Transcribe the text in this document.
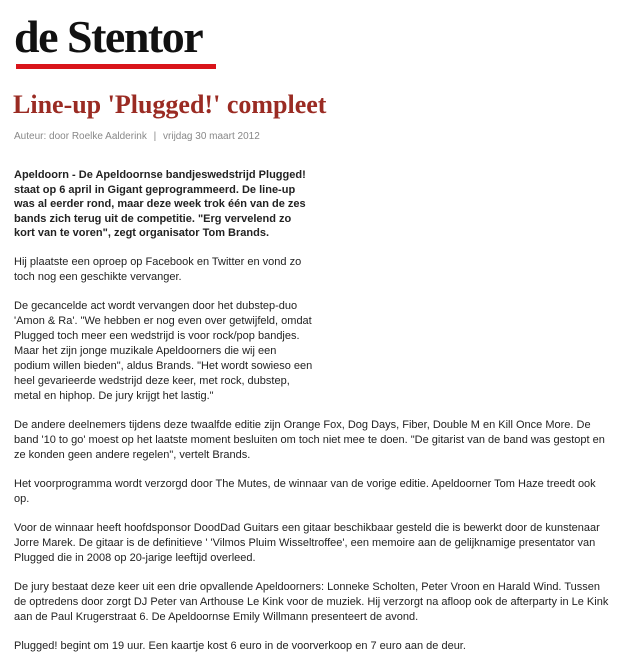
de Stentor
Line-up 'Plugged!' compleet
Auteur: door Roelke Aalderink | vrijdag 30 maart 2012

Apeldoorn - De Apeldoornse bandjeswedstrijd Plugged! staat op 6 april in Gigant geprogrammeerd. De line-up was al eerder rond, maar deze week trok één van de zes bands zich terug uit de competitie. "Erg vervelend zo kort van te voren", zegt organisator Tom Brands.

Hij plaatste een oproep op Facebook en Twitter en vond zo toch nog een geschikte vervanger.

De gecancelde act wordt vervangen door het dubstep-duo 'Amon & Ra'. "We hebben er nog even over getwijfeld, omdat Plugged toch meer een wedstrijd is voor rock/pop bandjes. Maar het zijn jonge muzikale Apeldoorners die wij een podium willen bieden", aldus Brands. "Het wordt sowieso een heel gevarieerde wedstrijd deze keer, met rock, dubstep, metal en hiphop. De jury krijgt het lastig."

De andere deelnemers tijdens deze twaalfde editie zijn Orange Fox, Dog Days, Fiber, Double M en Kill Once More. De band '10 to go' moest op het laatste moment besluiten om toch niet mee te doen. "De gitarist van de band was gestopt en ze konden geen andere regelen", vertelt Brands.

Het voorprogramma wordt verzorgd door The Mutes, de winnaar van de vorige editie. Apeldoorner Tom Haze treedt ook op.

Voor de winnaar heeft hoofdsponsor DoodDad Guitars een gitaar beschikbaar gesteld die is bewerkt door de kunstenaar Jorre Marek. De gitaar is de definitieve ' 'Vilmos Pluim Wisseltroffee', een memoire aan de gelijknamige presentator van Plugged die in 2008 op 20-jarige leeftijd overleed.

De jury bestaat deze keer uit een drie opvallende Apeldoorners: Lonneke Scholten, Peter Vroon en Harald Wind. Tussen de optredens door zorgt DJ Peter van Arthouse Le Kink voor de muziek. Hij verzorgt na afloop ook de afterparty in Le Kink aan de Paul Krugerstraat 6. De Apeldoornse Emily Willmann presenteert de avond.

Plugged! begint om 19 uur. Een kaartje kost 6 euro in de voorverkoop en 7 euro aan de deur.
